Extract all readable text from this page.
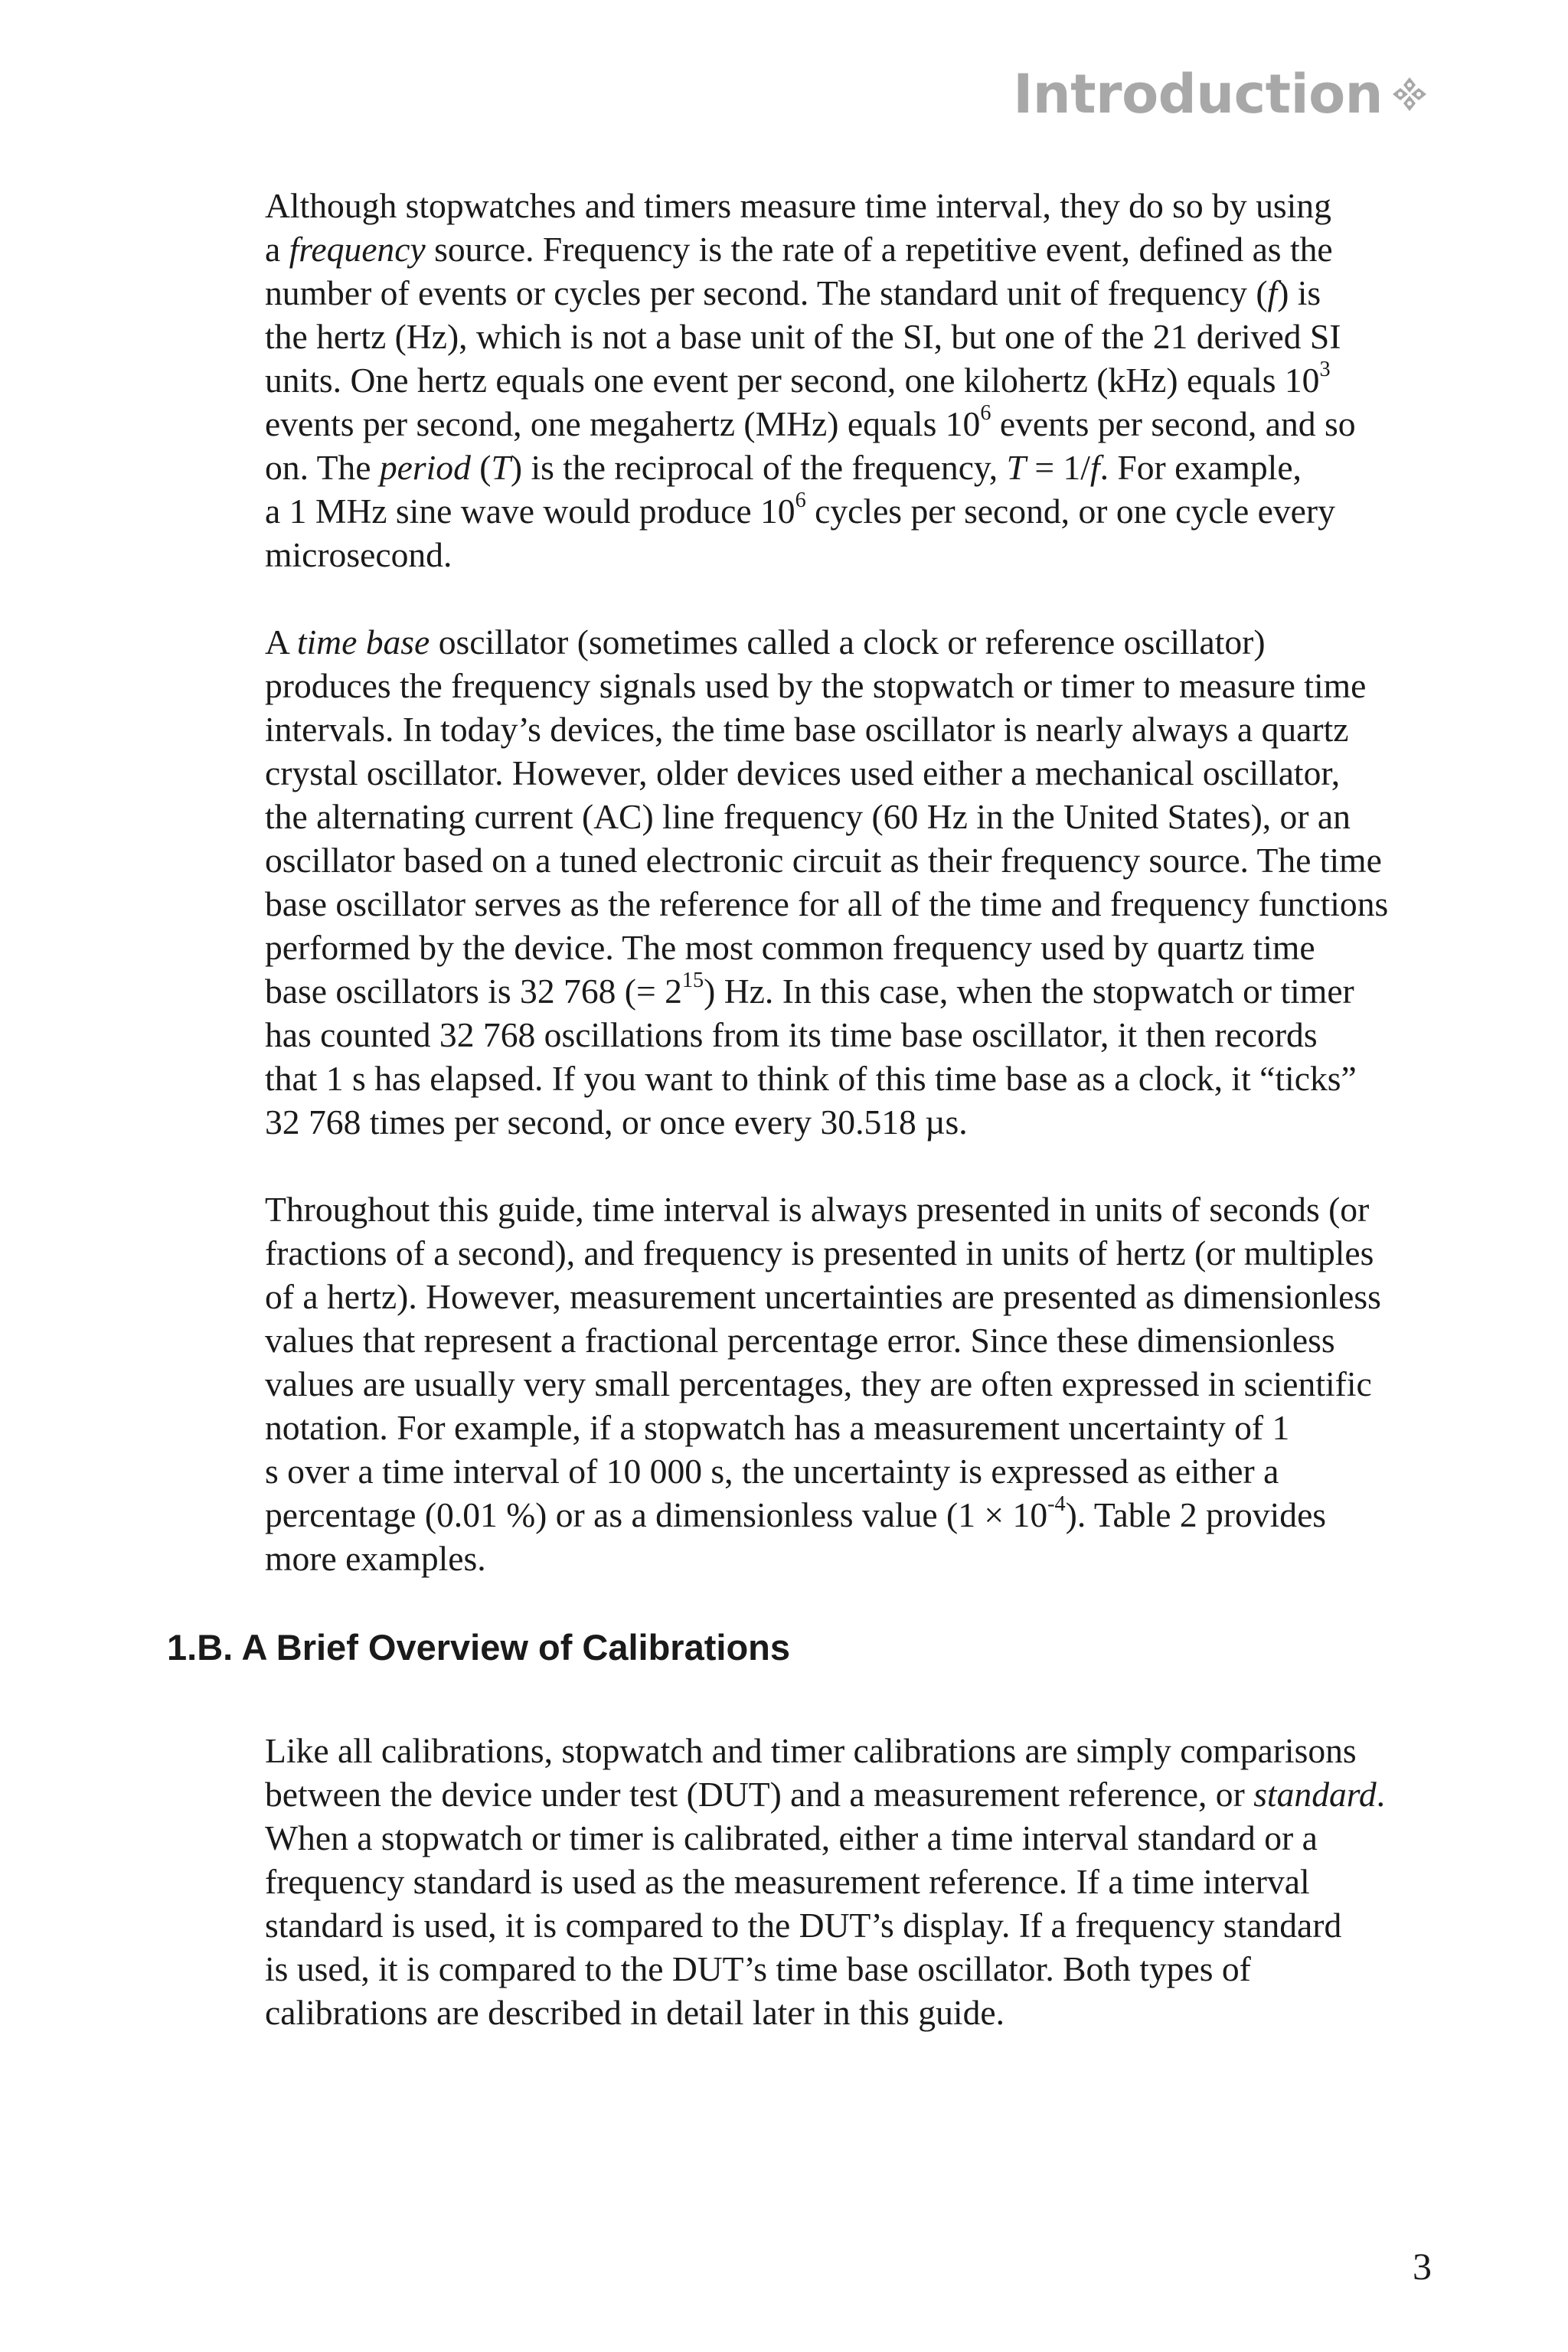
Introduction

Although stopwatches and timers measure time interval, they do so by using
a frequency source. Frequency is the rate of a repetitive event, defined as the
number of events or cycles per second. The standard unit of frequency (f) is
the hertz (Hz), which is not a base unit of the SI, but one of the 21 derived SI
units. One hertz equals one event per second, one kilohertz (kHz) equals $10^3$
events per second, one megahertz (MHz) equals $10^6$ events per second, and so
on. The period (T) is the reciprocal of the frequency, T = 1/f. For example,
a 1 MHz sine wave would produce $10^6$ cycles per second, or one cycle every
microsecond.

A time base oscillator (sometimes called a clock or reference oscillator)
produces the frequency signals used by the stopwatch or timer to measure time
intervals. In today’s devices, the time base oscillator is nearly always a quartz
crystal oscillator. However, older devices used either a mechanical oscillator,
the alternating current (AC) line frequency (60 Hz in the United States), or an
oscillator based on a tuned electronic circuit as their frequency source. The time
base oscillator serves as the reference for all of the time and frequency functions
performed by the device. The most common frequency used by quartz time
base oscillators is 32 768 (= $2^{15}$) Hz. In this case, when the stopwatch or timer
has counted 32 768 oscillations from its time base oscillator, it then records
that 1 s has elapsed. If you want to think of this time base as a clock, it “ticks”
32 768 times per second, or once every 30.518 µs.

Throughout this guide, time interval is always presented in units of seconds (or
fractions of a second), and frequency is presented in units of hertz (or multiples
of a hertz). However, measurement uncertainties are presented as dimensionless
values that represent a fractional percentage error. Since these dimensionless
values are usually very small percentages, they are often expressed in scientific
notation. For example, if a stopwatch has a measurement uncertainty of 1
s over a time interval of 10 000 s, the uncertainty is expressed as either a
percentage (0.01 %) or as a dimensionless value $(1 \times 10^{-4})$. Table 2 provides
more examples.

1.B. A Brief Overview of Calibrations

Like all calibrations, stopwatch and timer calibrations are simply comparisons
between the device under test (DUT) and a measurement reference, or standard.
When a stopwatch or timer is calibrated, either a time interval standard or a
frequency standard is used as the measurement reference. If a time interval
standard is used, it is compared to the DUT’s display. If a frequency standard
is used, it is compared to the DUT’s time base oscillator. Both types of
calibrations are described in detail later in this guide.

3
